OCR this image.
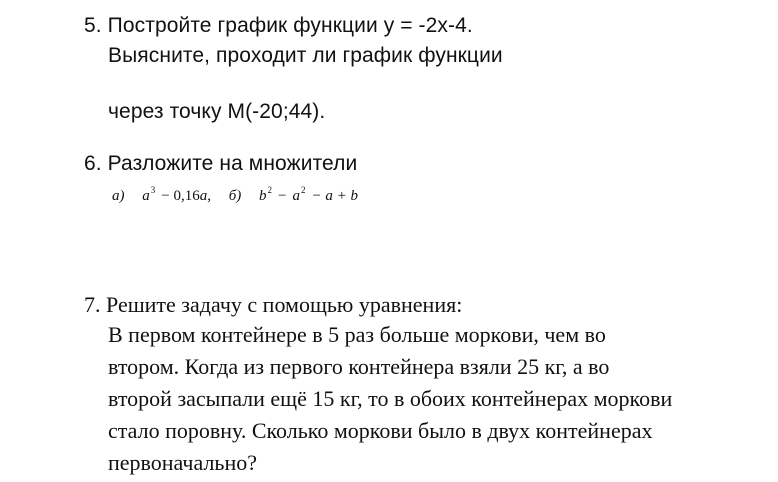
5. Постройте график функции y = -2x-4.
Выясните, проходит ли график функции
через точку M(-20;44).
6. Разложите на множители
а) $a^3 - 0,16a$, б) $b^2 - a^2 - a + b$
7. Решите задачу с помощью уравнения:
В первом контейнере в 5 раз больше моркови, чем во
втором. Когда из первого контейнера взяли 25 кг, а во
второй засыпали ещё 15 кг, то в обоих контейнерах моркови
стало поровну. Сколько моркови было в двух контейнерах
первоначально?
